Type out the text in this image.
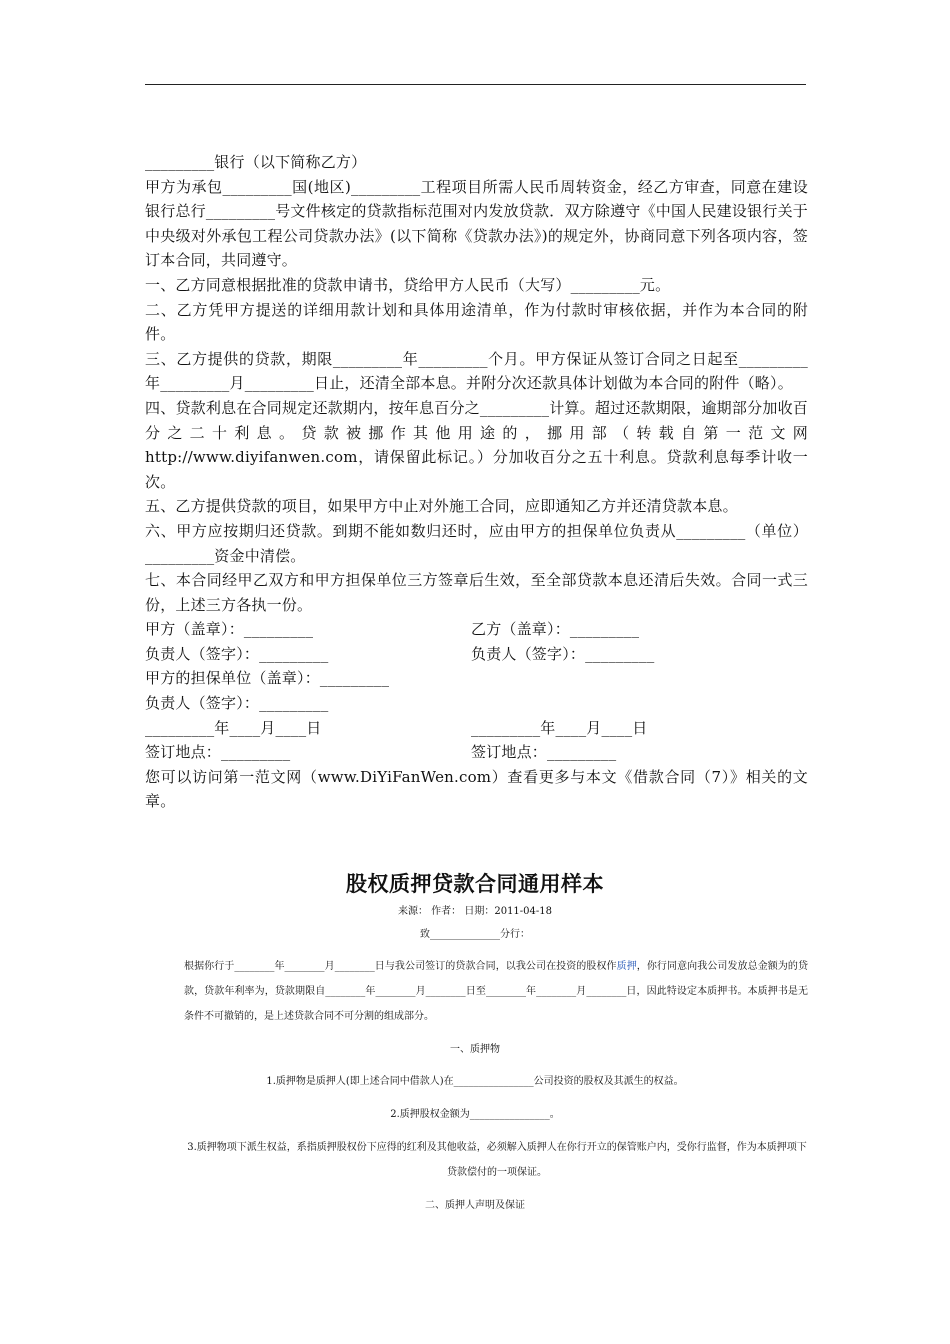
_________银行（以下简称乙方）

甲方为承包_________国(地区)_________工程项目所需人民币周转资金，经乙方审查，同意在建设银行总行_________号文件核定的贷款指标范围对内发放贷款．双方除遵守《中国人民建设银行关于中央级对外承包工程公司贷款办法》(以下简称《贷款办法》)的规定外，协商同意下列各项内容，签订本合同，共同遵守。

一、乙方同意根据批准的贷款申请书，贷给甲方人民币（大写）_________元。

二、乙方凭甲方提送的详细用款计划和具体用途清单，作为付款时审核依据，并作为本合同的附件。

三、乙方提供的贷款，期限_________年_________个月。甲方保证从签订合同之日起至_________年_________月_________日止，还清全部本息。并附分次还款具体计划做为本合同的附件（略）。

四、贷款利息在合同规定还款期内，按年息百分之_________计算。超过还款期限，逾期部分加收百分之二十利息。贷款被挪作其他用途的，挪用部（转载自第一范文网 http://www.diyifanwen.com，请保留此标记。）分加收百分之五十利息。贷款利息每季计收一次。

五、乙方提供贷款的项目，如果甲方中止对外施工合同，应即通知乙方并还清贷款本息。

六、甲方应按期归还贷款。到期不能如数归还时，应由甲方的担保单位负责从_________（单位）_________资金中清偿。

七、本合同经甲乙双方和甲方担保单位三方签章后生效，至全部贷款本息还清后失效。合同一式三份，上述三方各执一份。

甲方（盖章）：_________	乙方（盖章）：_________
负责人（签字）：_________	负责人（签字）：_________

甲方的担保单位（盖章）：_________

负责人（签字）：_________

_________年____月____日	_________年____月____日
签订地点：_________	签订地点：_________

您可以访问第一范文网（www.DiYiFanWen.com）查看更多与本文《借款合同（7）》相关的文章。

股权质押贷款合同通用样本
来源： 作者： 日期：2011-04-18
致______________分行：

根据你行于________年________月________日与我公司签订的贷款合同，以我公司在投资的股权作质押，你行同意向我公司发放总金额为的贷款，贷款年利率为，贷款期限自________年________月________日至________年________月________日，因此特设定本质押书。本质押书是无条件不可撤销的，是上述贷款合同不可分割的组成部分。

一、质押物
1.质押物是质押人(即上述合同中借款人)在________________公司投资的股权及其派生的权益。
2.质押股权金额为________________。
3.质押物项下派生权益，系指质押股权份下应得的红利及其他收益，必须解入质押人在你行开立的保管账户内，受你行监督，作为本质押项下贷款偿付的一项保证。
二、质押人声明及保证
